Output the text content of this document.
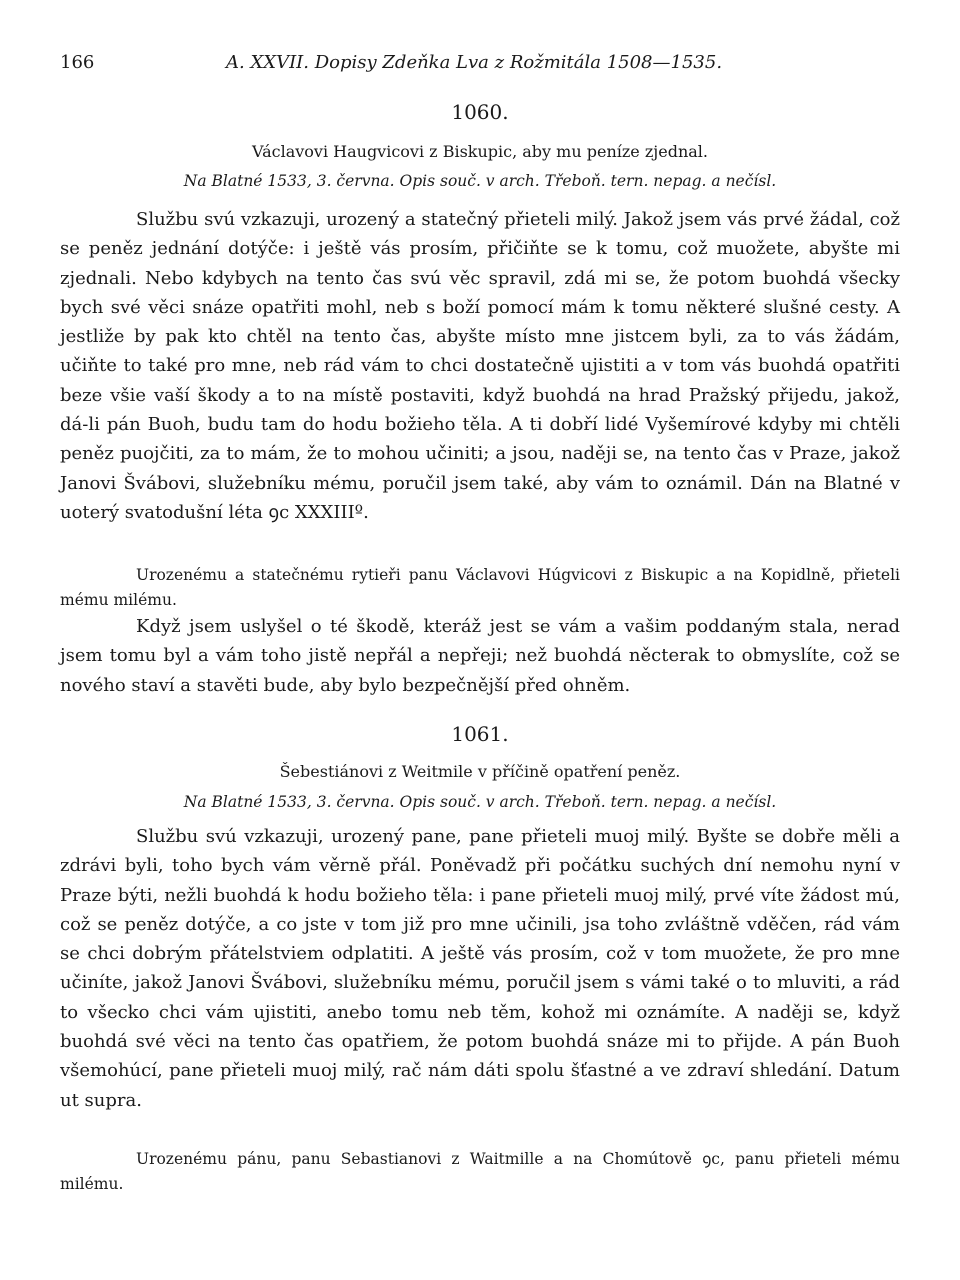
166	A. XXVII. Dopisy Zdeňka Lva z Rožmitála 1508—1535.
1060.
Václavovi Haugvicovi z Biskupic, aby mu peníze zjednal.
Na Blatné 1533, 3. června. Opis souč. v arch. Třeboň. tern. nepag. a nečísl.

Službu svú vzkazuji, urozený a statečný přieteli milý. Jakož jsem vás prvé žádal, což se peněz jednání dotýče: i ještě vás prosím, přičiňte se k tomu, což muožete, abyšte mi zjednali. Nebo kdybych na tento čas svú věc spravil, zdá mi se, že potom buohdá všecky bych své věci snáze opatřiti mohl, neb s boží pomocí mám k tomu některé slušné cesty. A jestliže by pak kto chtěl na tento čas, abyšte místo mne jistcem byli, za to vás žádám, učiňte to také pro mne, neb rád vám to chci dostatečně ujistiti a v tom vás buohdá opatřiti beze všie vaší škody a to na místě postaviti, když buohdá na hrad Pražský přijedu, jakož, dá-li pán Buoh, budu tam do hodu božieho těla. A ti dobří lidé Vyšemírové kdyby mi chtěli peněz puojčiti, za to mám, že to mohou učiniti; a jsou, naději se, na tento čas v Praze, jakož Janovi Švábovi, služebníku mému, poručil jsem také, aby vám to oznámil. Dán na Blatné v uoterý svatodušní léta ꝯc XXXIIIº.

Urozenému a statečnému rytieři panu Václavovi Húgvicovi z Biskupic a na Kopidlně, přieteli mému milému.

Když jsem uslyšel o té škodě, kteráž jest se vám a vašim poddaným stala, nerad jsem tomu byl a vám toho jistě nepřál a nepřeji; než buohdá něcterak to obmyslíte, což se nového staví a stavěti bude, aby bylo bezpečnější před ohněm.

1061.
Šebestiánovi z Weitmile v příčině opatření peněz.
Na Blatné 1533, 3. června. Opis souč. v arch. Třeboň. tern. nepag. a nečísl.

Službu svú vzkazuji, urozený pane, pane přieteli muoj milý. Byšte se dobře měli a zdrávi byli, toho bych vám věrně přál. Poněvadž při počátku suchých dní nemohu nyní v Praze býti, nežli buohdá k hodu božieho těla: i pane přieteli muoj milý, prvé víte žádost mú, což se peněz dotýče, a co jste v tom již pro mne učinili, jsa toho zvláštně vděčen, rád vám se chci dobrým přátelstviem odplatiti. A ještě vás prosím, což v tom muožete, že pro mne učiníte, jakož Janovi Švábovi, služebníku mému, poručil jsem s vámi také o to mluviti, a rád to všecko chci vám ujistiti, anebo tomu neb těm, kohož mi oznámíte. A naději se, když buohdá své věci na tento čas opatřiem, že potom buohdá snáze mi to přijde. A pán Buoh všemohúcí, pane přieteli muoj milý, rač nám dáti spolu šťastné a ve zdraví shledání. Datum ut supra.

Urozenému pánu, panu Sebastianovi z Waitmille a na Chomútově ꝯc, panu přieteli mému milému.
